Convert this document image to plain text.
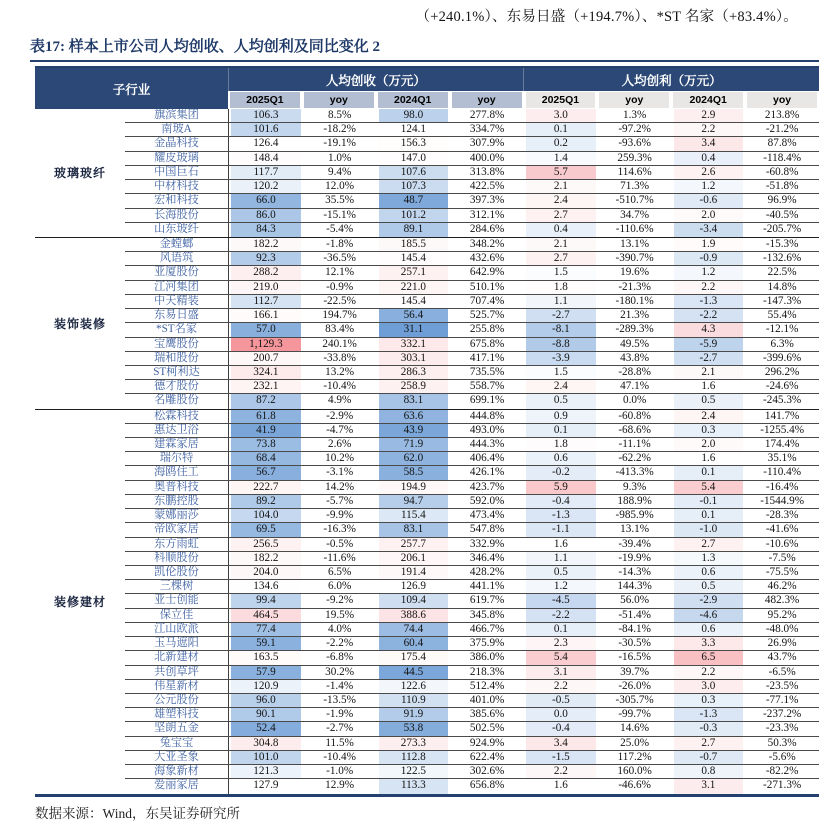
（+240.1%）、东易日盛（+194.7%）、*ST 名家（+83.4%）。
表17: 样本上市公司人均创收、人均创利及同比变化 2
子行业
人均创收（万元）	人均创利（万元）
2025Q1	yoy	2024Q1	yoy	2025Q1	yoy	2024Q1	yoy
玻璃玻纤
旗滨集团	106.3	8.5%	98.0	277.8%	3.0	1.3%	2.9	213.8%
南玻A	101.6	-18.2%	124.1	334.7%	0.1	-97.2%	2.2	-21.2%
金晶科技	126.4	-19.1%	156.3	307.9%	0.2	-93.6%	3.4	87.8%
耀皮玻璃	148.4	1.0%	147.0	400.0%	1.4	259.3%	0.4	-118.4%
中国巨石	117.7	9.4%	107.6	313.8%	5.7	114.6%	2.6	-60.8%
中材科技	120.2	12.0%	107.3	422.5%	2.1	71.3%	1.2	-51.8%
宏和科技	66.0	35.5%	48.7	397.3%	2.4	-510.7%	-0.6	96.9%
长海股份	86.0	-15.1%	101.2	312.1%	2.7	34.7%	2.0	-40.5%
山东玻纤	84.3	-5.4%	89.1	284.6%	0.4	-110.6%	-3.4	-205.7%
装饰装修
金螳螂	182.2	-1.8%	185.5	348.2%	2.1	13.1%	1.9	-15.3%
风语筑	92.3	-36.5%	145.4	432.6%	2.7	-390.7%	-0.9	-132.6%
亚厦股份	288.2	12.1%	257.1	642.9%	1.5	19.6%	1.2	22.5%
江河集团	219.0	-0.9%	221.0	510.1%	1.8	-21.3%	2.2	14.8%
中天精装	112.7	-22.5%	145.4	707.4%	1.1	-180.1%	-1.3	-147.3%
东易日盛	166.1	194.7%	56.4	525.7%	-2.7	21.3%	-2.2	55.4%
*ST名家	57.0	83.4%	31.1	255.8%	-8.1	-289.3%	4.3	-12.1%
宝鹰股份	1,129.3	240.1%	332.1	675.8%	-8.8	49.5%	-5.9	6.3%
瑞和股份	200.7	-33.8%	303.1	417.1%	-3.9	43.8%	-2.7	-399.6%
ST柯利达	324.1	13.2%	286.3	735.5%	1.5	-28.8%	2.1	296.2%
德才股份	232.1	-10.4%	258.9	558.7%	2.4	47.1%	1.6	-24.6%
名雕股份	87.2	4.9%	83.1	699.1%	0.5	0.0%	0.5	-245.3%
装修建材
松霖科技	61.8	-2.9%	63.6	444.8%	0.9	-60.8%	2.4	141.7%
惠达卫浴	41.9	-4.7%	43.9	493.0%	0.1	-68.6%	0.3	-1255.4%
建霖家居	73.8	2.6%	71.9	444.3%	1.8	-11.1%	2.0	174.4%
瑞尔特	68.4	10.2%	62.0	406.4%	0.6	-62.2%	1.6	35.1%
海鸥住工	56.7	-3.1%	58.5	426.1%	-0.2	-413.3%	0.1	-110.4%
奥普科技	222.7	14.2%	194.9	423.7%	5.9	9.3%	5.4	-16.4%
东鹏控股	89.2	-5.7%	94.7	592.0%	-0.4	188.9%	-0.1	-1544.9%
蒙娜丽莎	104.0	-9.9%	115.4	473.4%	-1.3	-985.9%	0.1	-28.3%
帝欧家居	69.5	-16.3%	83.1	547.8%	-1.1	13.1%	-1.0	-41.6%
东方雨虹	256.5	-0.5%	257.7	332.9%	1.6	-39.4%	2.7	-10.6%
科顺股份	182.2	-11.6%	206.1	346.4%	1.1	-19.9%	1.3	-7.5%
凯伦股份	204.0	6.5%	191.4	428.2%	0.5	-14.3%	0.6	-75.5%
三棵树	134.6	6.0%	126.9	441.1%	1.2	144.3%	0.5	46.2%
亚士创能	99.4	-9.2%	109.4	619.7%	-4.5	56.0%	-2.9	482.3%
保立佳	464.5	19.5%	388.6	345.8%	-2.2	-51.4%	-4.6	95.2%
江山欧派	77.4	4.0%	74.4	466.7%	0.1	-84.1%	0.6	-48.0%
玉马遮阳	59.1	-2.2%	60.4	375.9%	2.3	-30.5%	3.3	26.9%
北新建材	163.5	-6.8%	175.4	386.0%	5.4	-16.5%	6.5	43.7%
共创草坪	57.9	30.2%	44.5	218.3%	3.1	39.7%	2.2	-6.5%
伟星新材	120.9	-1.4%	122.6	512.4%	2.2	-26.0%	3.0	-23.5%
公元股份	96.0	-13.5%	110.9	401.0%	-0.5	-305.7%	0.3	-77.1%
雄塑科技	90.1	-1.9%	91.9	385.6%	0.0	-99.7%	-1.3	-237.2%
坚朗五金	52.4	-2.7%	53.8	502.5%	-0.4	14.6%	-0.3	-23.3%
兔宝宝	304.8	11.5%	273.3	924.9%	3.4	25.0%	2.7	50.3%
大亚圣象	101.0	-10.4%	112.8	622.4%	-1.5	117.2%	-0.7	-5.6%
海象新材	121.3	-1.0%	122.5	302.6%	2.2	160.0%	0.8	-82.2%
爱丽家居	127.9	12.9%	113.3	656.8%	1.6	-46.6%	3.1	-271.3%
数据来源：Wind，东吴证券研究所
